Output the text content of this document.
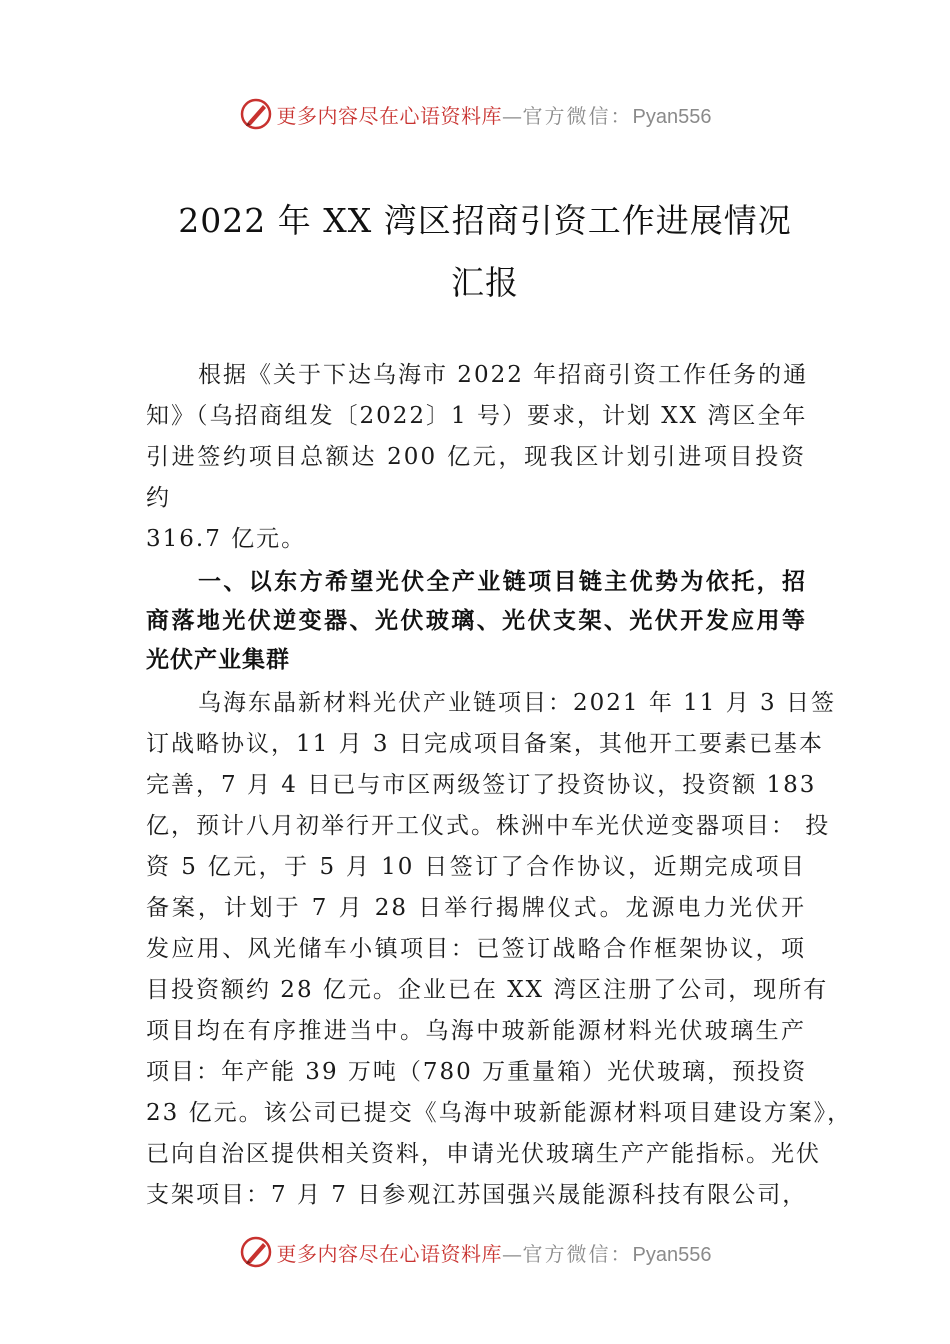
更多内容尽在心语资料库—官方微信：Pyan556
2022 年 XX 湾区招商引资工作进展情况
汇报
根据《关于下达乌海市 2022 年招商引资工作任务的通
知》（乌招商组发〔2022〕1 号）要求，计划 XX 湾区全年
引进签约项目总额达 200 亿元，现我区计划引进项目投资
约
316.7 亿元。
一、以东方希望光伏全产业链项目链主优势为依托，招
商落地光伏逆变器、光伏玻璃、光伏支架、光伏开发应用等
光伏产业集群
乌海东晶新材料光伏产业链项目：2021 年 11 月 3 日签
订战略协议，11 月 3 日完成项目备案，其他开工要素已基本
完善，7 月 4 日已与市区两级签订了投资协议，投资额 183
亿，预计八月初举行开工仪式。株洲中车光伏逆变器项目： 投
资 5 亿元，于 5 月 10 日签订了合作协议，近期完成项目
备案，计划于 7 月 28 日举行揭牌仪式。龙源电力光伏开
发应用、风光储车小镇项目：已签订战略合作框架协议，项
目投资额约 28 亿元。企业已在 XX 湾区注册了公司，现所有
项目均在有序推进当中。乌海中玻新能源材料光伏玻璃生产
项目：年产能 39 万吨（780 万重量箱）光伏玻璃，预投资
23 亿元。该公司已提交《乌海中玻新能源材料项目建设方案》，
已向自治区提供相关资料，申请光伏玻璃生产产能指标。光伏
支架项目：7 月 7 日参观江苏国强兴晟能源科技有限公司，
更多内容尽在心语资料库—官方微信：Pyan556
